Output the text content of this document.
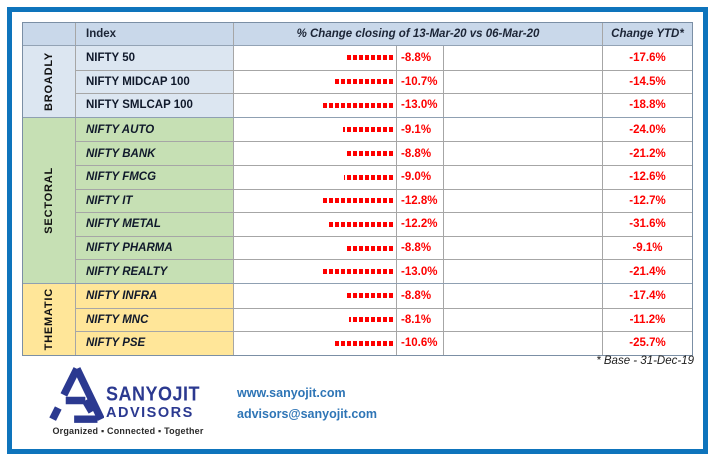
Index	% Change closing of 13-Mar-20 vs 06-Mar-20	Change YTD*
BROADLY	NIFTY 50	-8.8%	-17.6%
NIFTY MIDCAP 100	-10.7%	-14.5%
NIFTY SMLCAP 100	-13.0%	-18.8%
SECTORAL
NIFTY AUTO	-9.1%	-24.0%
NIFTY BANK	-8.8%	-21.2%
NIFTY FMCG	-9.0%	-12.6%
NIFTY IT	-12.8%	-12.7%
NIFTY METAL	-12.2%	-31.6%
NIFTY PHARMA	-8.8%	-9.1%
NIFTY REALTY	-13.0%	-21.4%
THEMATIC	NIFTY INFRA	-8.8%	-17.4%
NIFTY MNC	-8.1%	-11.2%
NIFTY PSE	-10.6%	-25.7%
* Base - 31-Dec-19
SANYOJIT
ADVISORS
Organized ▪ Connected ▪ Together
www.sanyojit.com
advisors@sanyojit.com
